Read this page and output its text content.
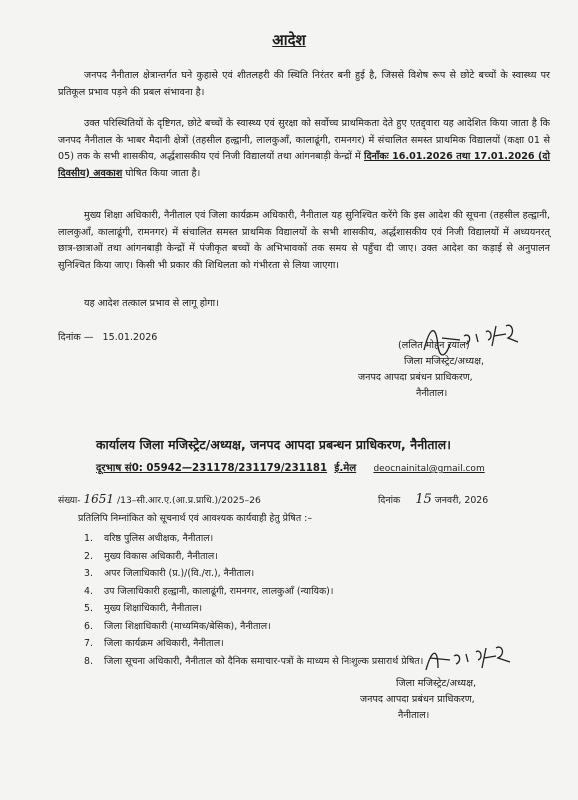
आदेश
जनपद नैनीताल क्षेत्रान्तर्गत घने कुहासे एवं शीतलहरी की स्थिति निरंतर बनी हुई है, जिससे विशेष रूप से छोटे बच्चों के स्वास्थ्य पर प्रतिकूल प्रभाव पड़ने की प्रबल संभावना है।
उक्त परिस्थितियों के दृष्टिगत, छोटे बच्चों के स्वास्थ्य एवं सुरक्षा को सर्वोच्च प्राथमिकता देते हुए एतद्द्वारा यह आदेशित किया जाता है कि जनपद नैनीताल के भाबर मैदानी क्षेत्रों (तहसील हल्द्वानी, लालकुआँ, कालाढूंगी, रामनगर) में संचालित समस्त प्राथमिक विद्यालयों (कक्षा 01 से 05) तक के सभी शासकीय, अर्द्धशासकीय एवं निजी विद्यालयों तथा आंगनबाड़ी केन्द्रों में दिनाँकः 16.01.2026 तथा 17.01.2026 (दो दिवसीय) अवकाश घोषित किया जाता है।
मुख्य शिक्षा अधिकारी, नैनीताल एवं जिला कार्यक्रम अधिकारी, नैनीताल यह सुनिश्चित करेंगे कि इस आदेश की सूचना (तहसील हल्द्वानी, लालकुआँ, कालाढूंगी, रामनगर) में संचालित समस्त प्राथमिक विद्यालयों के सभी शासकीय, अर्द्धशासकीय एवं निजी विद्यालयों में अध्ययनरत् छात्र-छात्राओं तथा आंगनबाड़ी केन्द्रों में पंजीकृत बच्चों के अभिभावकों तक समय से पहुँचा दी जाए। उक्त आदेश का कड़ाई से अनुपालन सुनिश्चित किया जाए। किसी भी प्रकार की शिथिलता को गंभीरता से लिया जाएगा।
यह आदेश तत्काल प्रभाव से लागू होगा।
दिनांक — 15.01.2026
(ललित मोहन रयाल)
जिला मजिस्ट्रेट/अध्यक्ष,
जनपद आपदा प्रबंधन प्राधिकरण,
नैनीताल।
कार्यालय जिला मजिस्ट्रेट/अध्यक्ष, जनपद आपदा प्रबन्धन प्राधिकरण, नैनीताल।
दूरभाष सं0: 05942—231178/231179/231181 ई.मेल deocnainital@gmail.com
संख्या- 1651 /13–सी.आर.ए.(आ.प्र.प्राधि.)/2025–26	दिनांक 15 जनवरी, 2026
प्रतिलिपि निम्नांकित को सूचनार्थ एवं आवश्यक कार्यवाही हेतु प्रेषित :–
1. वरिष्ठ पुलिस अधीक्षक, नैनीताल।
2. मुख्य विकास अधिकारी, नैनीताल।
3. अपर जिलाधिकारी (प्र.)/(वि./रा.), नैनीताल।
4. उप जिलाधिकारी हल्द्वानी, कालाढूंगी, रामनगर, लालकुआँ (न्यायिक)।
5. मुख्य शिक्षाधिकारी, नैनीताल।
6. जिला शिक्षाधिकारी (माध्यमिक/बेसिक), नैनीताल।
7. जिला कार्यक्रम अधिकारी, नैनीताल।
8. जिला सूचना अधिकारी, नैनीताल को दैनिक समाचार-पत्रों के माध्यम से निःशुल्क प्रसारार्थ प्रेषित।
जिला मजिस्ट्रेट/अध्यक्ष,
जनपद आपदा प्रबंधन प्राधिकरण,
नैनीताल।
